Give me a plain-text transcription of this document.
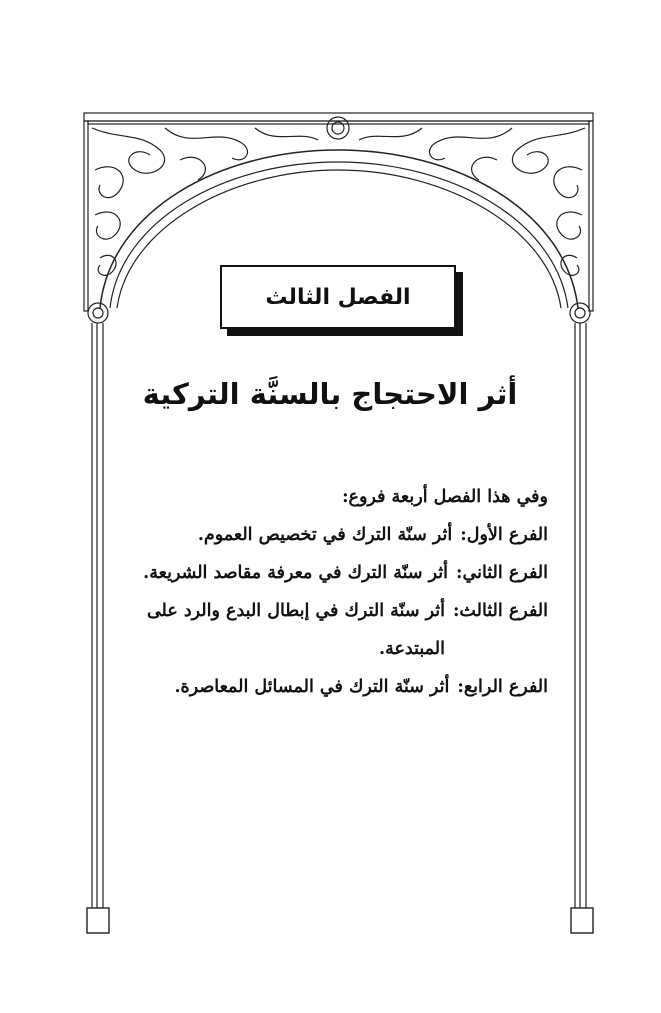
الفصل الثالث
أثر الاحتجاج بالسنَّة التركية
وفي هذا الفصل أربعة فروع:
الفرع الأول:
أثر سنّة الترك في تخصيص العموم.
الفرع الثاني:
أثر سنّة الترك في معرفة مقاصد الشريعة.
الفرع الثالث:
أثر سنّة الترك في إبطال البدع والرد على المبتدعة.
الفرع الرابع:
أثر سنّة الترك في المسائل المعاصرة.
